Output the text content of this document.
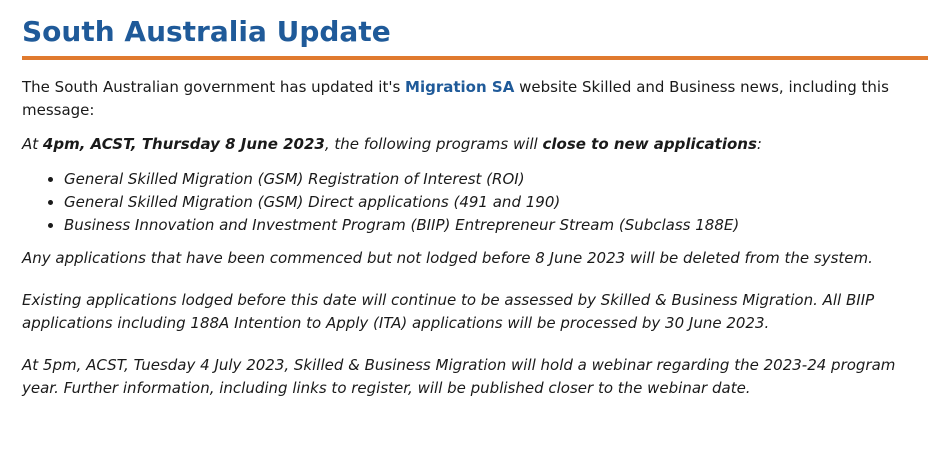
South Australia Update

The South Australian government has updated it's Migration SA website Skilled and Business news, including this message:

At 4pm, ACST, Thursday 8 June 2023, the following programs will close to new applications:

• General Skilled Migration (GSM) Registration of Interest (ROI)
• General Skilled Migration (GSM) Direct applications (491 and 190)
• Business Innovation and Investment Program (BIIP) Entrepreneur Stream (Subclass 188E)

Any applications that have been commenced but not lodged before 8 June 2023 will be deleted from the system.

Existing applications lodged before this date will continue to be assessed by Skilled & Business Migration. All BIIP applications including 188A Intention to Apply (ITA) applications will be processed by 30 June 2023.

At 5pm, ACST, Tuesday 4 July 2023, Skilled & Business Migration will hold a webinar regarding the 2023-24 program year. Further information, including links to register, will be published closer to the webinar date.
